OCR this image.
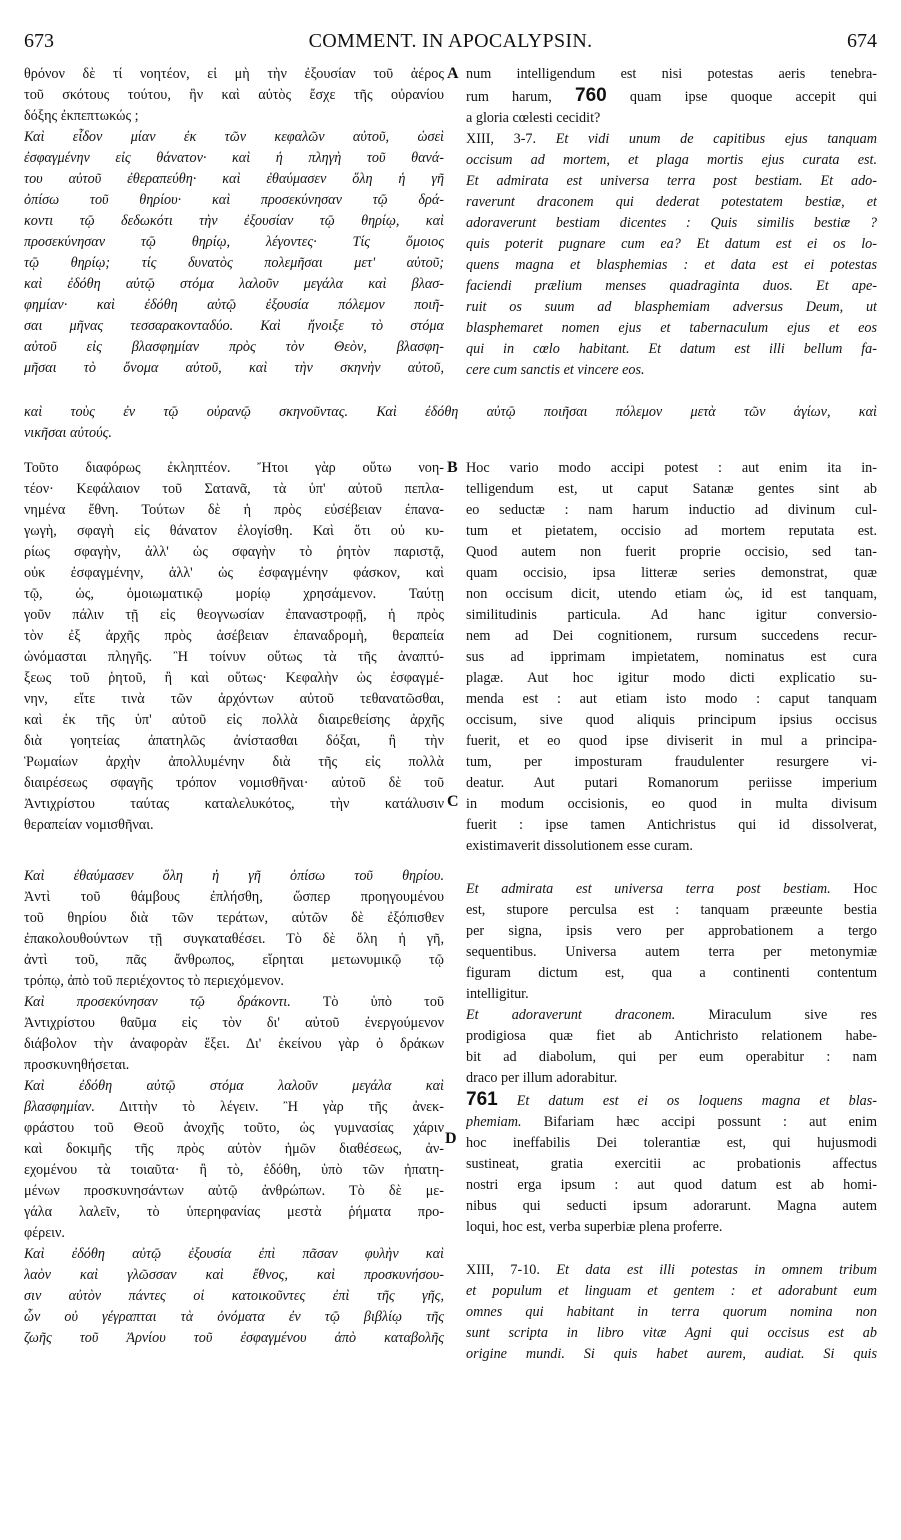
673	COMMENT. IN APOCALYPSIN.	674
θρόνον δὲ τί νοητέον, εἰ μὴ τὴν ἐξουσίαν τοῦ ἀέρος
τοῦ σκότους τούτου, ἣν καὶ αὐτὸς ἔσχε τῆς οὐρανίου
δόξης ἐκπεπτωκώς ;
Καὶ εἶδον μίαν ἐκ τῶν κεφαλῶν αὐτοῦ, ὡσεὶ
ἐσφαγμένην εἰς θάνατον· καὶ ἡ πληγὴ τοῦ θανά-
του αὐτοῦ ἐθεραπεύθη· καὶ ἐθαύμασεν ὅλη ἡ γῆ
ὀπίσω τοῦ θηρίου· καὶ προσεκύνησαν τῷ δρά-
κοντι τῷ δεδωκότι τὴν ἐξουσίαν τῷ θηρίῳ, καὶ
προσεκύνησαν τῷ θηρίῳ, λέγοντες· Τίς ὅμοιος
τῷ θηρίῳ; τίς δυνατὸς πολεμῆσαι μετ' αὐτοῦ;
καὶ ἐδόθη αὐτῷ στόμα λαλοῦν μεγάλα καὶ βλασ-
φημίαν· καὶ ἐδόθη αὐτῷ ἐξουσία πόλεμον ποιῆ-
σαι μῆνας τεσσαρακονταδύο. Καὶ ἤνοιξε τὸ στόμα
αὐτοῦ εἰς βλασφημίαν πρὸς τὸν Θεὸν, βλασφη-
μῆσαι τὸ ὄνομα αὐτοῦ, καὶ τὴν σκηνὴν αὐτοῦ,
A num intelligendum est nisi potestas aeris tenebra-
rum harum, 760 quam ipse quoque accepit qui
a gloria cœlesti cecidit?
XIII, 3-7. Et vidi unum de capitibus ejus tanquam
occisum ad mortem, et plaga mortis ejus curata est.
Et admirata est universa terra post bestiam. Et ado-
raverunt draconem qui dederat potestatem bestiæ, et
adoraverunt bestiam dicentes : Quis similis bestiæ ?
quis poterit pugnare cum ea? Et datum est ei os lo-
quens magna et blasphemias : et data est ei potestas
faciendi prælium menses quadraginta duos. Et ape-
ruit os suum ad blasphemiam adversus Deum, ut
blasphemaret nomen ejus et tabernaculum ejus et eos
qui in cœlo habitant. Et datum est illi bellum fa-
cere cum sanctis et vincere eos.
καὶ τοὺς ἐν τῷ οὐρανῷ σκηνοῦντας. Καὶ ἐδόθη αὐτῷ ποιῆσαι πόλεμον μετὰ τῶν ἁγίων, καὶ
νικῆσαι αὐτούς.
Τοῦτο διαφόρως ἐκληπτέον. Ἤτοι γὰρ οὕτω νοη-
τέον· Κεφάλαιον τοῦ Σατανᾶ, τὰ ὑπ' αὐτοῦ πεπλα-
νημένα ἔθνη. Τούτων δὲ ἡ πρὸς εὐσέβειαν ἐπανα-
γωγὴ, σφαγὴ εἰς θάνατον ἐλογίσθη. Καὶ ὅτι οὐ κυ-
ρίως σφαγὴν, ἀλλ' ὡς σφαγὴν τὸ ῥητὸν παριστᾷ,
οὐκ ἐσφαγμένην, ἀλλ' ὡς ἐσφαγμένην φάσκον, καὶ
τῷ, ὡς, ὁμοιωματικῷ μορίῳ χρησάμενον. Ταύτῃ
γοῦν πάλιν τῇ εἰς θεογνωσίαν ἐπαναστροφῇ, ἡ πρὸς
τὸν ἐξ ἀρχῆς πρὸς ἀσέβειαν ἐπαναδρομὴ, θεραπεία
ὠνόμασται πληγῆς. Ἢ τοίνυν οὕτως τὰ τῆς ἀναπτύ-
ξεως τοῦ ῥητοῦ, ἢ καὶ οὕτως· Κεφαλὴν ὡς ἐσφαγμέ-
νην, εἴτε τινὰ τῶν ἀρχόντων αὐτοῦ τεθανατῶσθαι,
καὶ ἐκ τῆς ὑπ' αὐτοῦ εἰς πολλὰ διαιρεθείσης ἀρχῆς
διὰ γοητείας ἀπατηλῶς ἀνίστασθαι δόξαι, ἢ τὴν
Ῥωμαίων ἀρχὴν ἀπολλυμένην διὰ τῆς εἰς πολλὰ
διαιρέσεως σφαγῆς τρόπον νομισθῆναι· αὐτοῦ δὲ τοῦ
Ἀντιχρίστου ταύτας καταλελυκότος, τὴν κατάλυσιν
θεραπείαν νομισθῆναι.
Καὶ ἐθαύμασεν ὅλη ἡ γῆ ὀπίσω τοῦ θηρίου.
Ἀντὶ τοῦ θάμβους ἐπλήσθη, ὥσπερ προηγουμένου
τοῦ θηρίου διὰ τῶν τεράτων, αὐτῶν δὲ ἐξόπισθεν
ἐπακολουθούντων τῇ συγκαταθέσει. Τὸ δὲ ὅλη ἡ γῆ,
ἀντὶ τοῦ, πᾶς ἄνθρωπος, εἴρηται μετωνυμικῷ τῷ
τρόπῳ, ἀπὸ τοῦ περιέχοντος τὸ περιεχόμενον.
Καὶ προσεκύνησαν τῷ δράκοντι. Τὸ ὑπὸ τοῦ
Ἀντιχρίστου θαῦμα εἰς τὸν δι' αὐτοῦ ἐνεργούμενον
διάβολον τὴν ἀναφορὰν ἕξει. Δι' ἐκείνου γὰρ ὁ δράκων
προσκυνηθήσεται.
Καὶ ἐδόθη αὐτῷ στόμα λαλοῦν μεγάλα καὶ
βλασφημίαν. Διττὴν τὸ λέγειν. Ἢ γὰρ τῆς ἀνεκ-
φράστου τοῦ Θεοῦ ἀνοχῆς τοῦτο, ὡς γυμνασίας χάριν
καὶ δοκιμῆς τῆς πρὸς αὐτὸν ἡμῶν διαθέσεως, ἀν-
εχομένου τὰ τοιαῦτα· ἢ τὸ, ἐδόθη, ὑπὸ τῶν ἠπατη-
μένων προσκυνησάντων αὐτῷ ἀνθρώπων. Τὸ δὲ με-
γάλα λαλεῖν, τὸ ὑπερηφανίας μεστὰ ῥήματα προ-
φέρειν.
Καὶ ἐδόθη αὐτῷ ἐξουσία ἐπὶ πᾶσαν φυλὴν καὶ
λαὸν καὶ γλῶσσαν καὶ ἔθνος, καὶ προσκυνήσου-
σιν αὐτὸν πάντες οἱ κατοικοῦντες ἐπὶ τῆς γῆς,
ὧν οὐ γέγραπται τὰ ὀνόματα ἐν τῷ βιβλίῳ τῆς
ζωῆς τοῦ Ἀρνίου τοῦ ἐσφαγμένου ἀπὸ καταβολῆς
B
C
D
Hoc vario modo accipi potest : aut enim ita in-
telligendum est, ut caput Satanæ gentes sint ab
eo seductæ : nam harum inductio ad divinum cul-
tum et pietatem, occisio ad mortem reputata est.
Quod autem non fuerit proprie occisio, sed tan-
quam occisio, ipsa litteræ series demonstrat, quæ
non occisum dicit, utendo etiam ὡς, id est tanquam,
similitudinis particula. Ad hanc igitur conversio-
nem ad Dei cognitionem, rursum succedens recur-
sus ad ipprimam impietatem, nominatus est cura
plagæ. Aut hoc igitur modo dicti explicatio su-
menda est : aut etiam isto modo : caput tanquam
occisum, sive quod aliquis principum ipsius occisus
fuerit, et eo quod ipse diviserit in mul a principa-
tum, per imposturam fraudulenter resurgere vi-
deatur. Aut putari Romanorum periisse imperium
in modum occisionis, eo quod in multa divisum
fuerit : ipse tamen Antichristus qui id dissolverat,
existimaverit dissolutionem esse curam.
Et admirata est universa terra post bestiam. Hoc
est, stupore perculsa est : tanquam præeunte bestia
per signa, ipsis vero per approbationem a tergo
sequentibus. Universa autem terra per metonymiæ
figuram dictum est, qua a continenti contentum
intelligitur.
Et adoraverunt draconem. Miraculum sive res
prodigiosa quæ fiet ab Antichristo relationem habe-
bit ad diabolum, qui per eum operabitur : nam
draco per illum adorabitur.
761 Et datum est ei os loquens magna et blas-
phemiam. Bifariam hæc accipi possunt : aut enim
hoc ineffabilis Dei tolerantiæ est, qui hujusmodi
sustineat, gratia exercitii ac probationis affectus
nostri erga ipsum : aut quod datum est ab homi-
nibus qui seducti ipsum adorarunt. Magna autem
loqui, hoc est, verba superbiæ plena proferre.
XIII, 7-10. Et data est illi potestas in omnem tribum
et populum et linguam et gentem : et adorabunt eum
omnes qui habitant in terra quorum nomina non
sunt scripta in libro vitæ Agni qui occisus est ab
origine mundi. Si quis habet aurem, audiat. Si quis
